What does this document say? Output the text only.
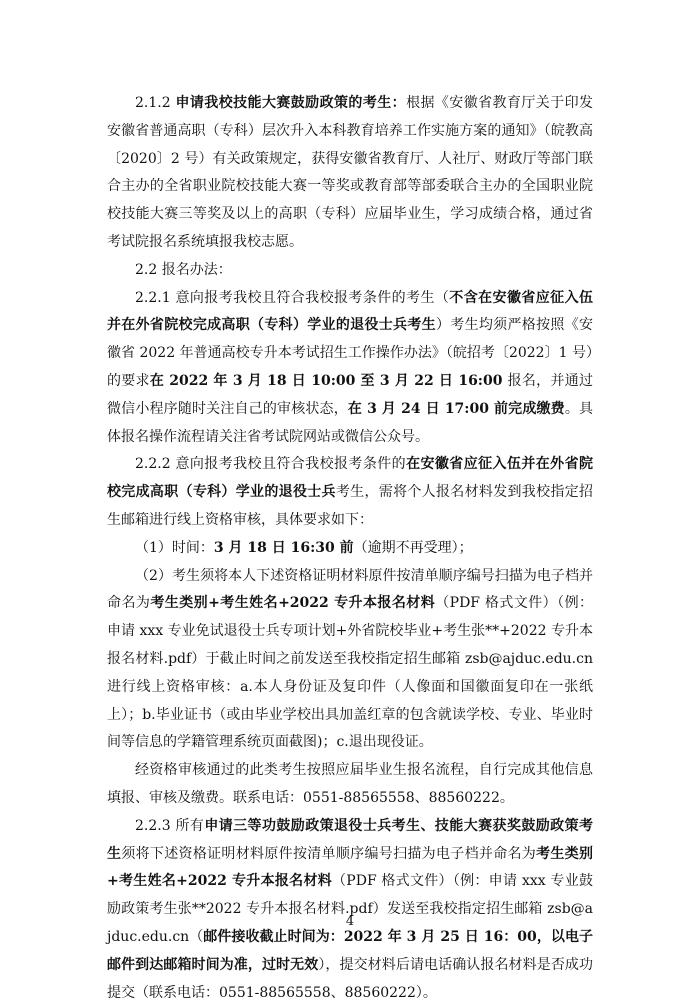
2.1.2 申请我校技能大赛鼓励政策的考生：根据《安徽省教育厅关于印发安徽省普通高职（专科）层次升入本科教育培养工作实施方案的通知》（皖教高〔2020〕2 号）有关政策规定，获得安徽省教育厅、人社厅、财政厅等部门联合主办的全省职业院校技能大赛一等奖或教育部等部委联合主办的全国职业院校技能大赛三等奖及以上的高职（专科）应届毕业生，学习成绩合格，通过省考试院报名系统填报我校志愿。

2.2 报名办法：

2.2.1 意向报考我校且符合我校报考条件的考生（不含在安徽省应征入伍并在外省院校完成高职（专科）学业的退役士兵考生）考生均须严格按照《安徽省 2022 年普通高校专升本考试招生工作操作办法》（皖招考〔2022〕1 号）的要求在 2022 年 3 月 18 日 10:00 至 3 月 22 日 16:00 报名，并通过微信小程序随时关注自己的审核状态，在 3 月 24 日 17:00 前完成缴费。具体报名操作流程请关注省考试院网站或微信公众号。

2.2.2 意向报考我校且符合我校报考条件的在安徽省应征入伍并在外省院校完成高职（专科）学业的退役士兵考生，需将个人报名材料发到我校指定招生邮箱进行线上资格审核，具体要求如下：

（1）时间：3 月 18 日 16:30 前（逾期不再受理）；

（2）考生须将本人下述资格证明材料原件按清单顺序编号扫描为电子档并命名为考生类别+考生姓名+2022 专升本报名材料（PDF 格式文件）（例：申请 xxx 专业免试退役士兵专项计划+外省院校毕业+考生张**+2022 专升本报名材料.pdf）于截止时间之前发送至我校指定招生邮箱 zsb@ajduc.edu.cn 进行线上资格审核：a.本人身份证及复印件（人像面和国徽面复印在一张纸上）；b.毕业证书（或由毕业学校出具加盖红章的包含就读学校、专业、毕业时间等信息的学籍管理系统页面截图)；c.退出现役证。

经资格审核通过的此类考生按照应届毕业生报名流程，自行完成其他信息填报、审核及缴费。联系电话：0551-88565558、88560222。

2.2.3 所有申请三等功鼓励政策退役士兵考生、技能大赛获奖鼓励政策考生须将下述资格证明材料原件按清单顺序编号扫描为电子档并命名为考生类别+考生姓名+2022 专升本报名材料（PDF 格式文件）（例：申请 xxx 专业鼓励政策考生张**2022 专升本报名材料.pdf）发送至我校指定招生邮箱 zsb@ajduc.edu.cn（邮件接收截止时间为：2022 年 3 月 25 日 16：00，以电子邮件到达邮箱时间为准，过时无效），提交材料后请电话确认报名材料是否成功提交（联系电话：0551-88565558、88560222）。

4
